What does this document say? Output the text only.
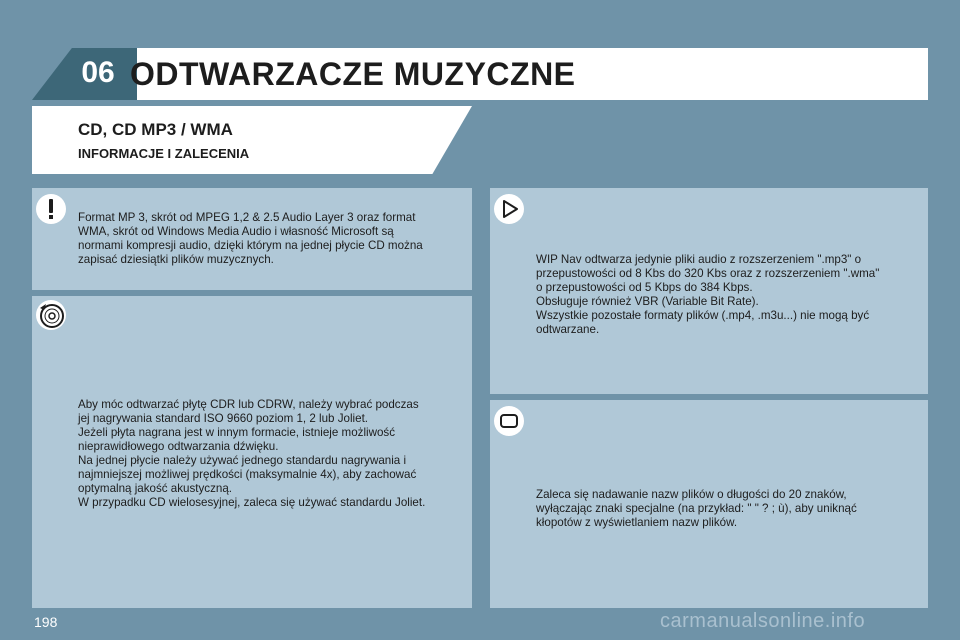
06 ODTWARZACZE MUZYCZNE
CD, CD MP3 / WMA
INFORMACJE I ZALECENIA
Format MP 3, skrót od MPEG 1,2 & 2.5 Audio Layer 3 oraz format
WMA, skrót od Windows Media Audio i własność Microsoft są
normami kompresji audio, dzięki którym na jednej płycie CD można
zapisać dziesiątki plików muzycznych.
Aby móc odtwarzać płytę CDR lub CDRW, należy wybrać podczas
jej nagrywania standard ISO 9660 poziom 1, 2 lub Joliet.
Jeżeli płyta nagrana jest w innym formacie, istnieje możliwość
nieprawidłowego odtwarzania dźwięku.
Na jednej płycie należy używać jednego standardu nagrywania i
najmniejszej możliwej prędkości (maksymalnie 4x), aby zachować
optymalną jakość akustyczną.
W przypadku CD wielosesyjnej, zaleca się używać standardu Joliet.
WIP Nav odtwarza jedynie pliki audio z rozszerzeniem ".mp3" o
przepustowości od 8 Kbs do 320 Kbs oraz z rozszerzeniem ".wma"
o przepustowości od 5 Kbps do 384 Kbps.
Obsługuje również VBR (Variable Bit Rate).
Wszystkie pozostałe formaty plików (.mp4, .m3u...) nie mogą być
odtwarzane.
Zaleca się nadawanie nazw plików o długości do 20 znaków,
wyłączając znaki specjalne (na przykład: " " ? ; ù), aby uniknąć
kłopotów z wyświetlaniem nazw plików.
198	carmanualsonline.info
